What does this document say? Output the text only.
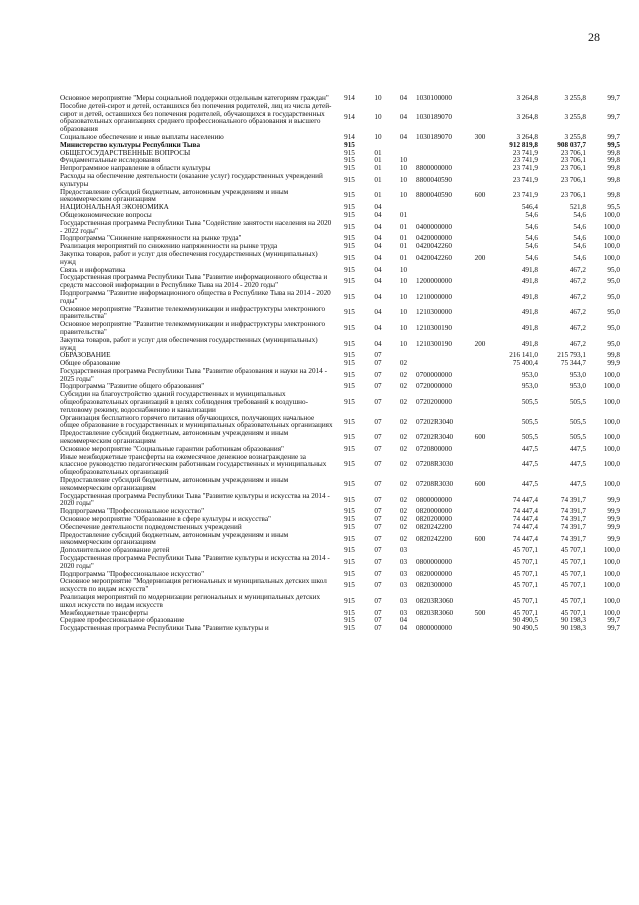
28
Основное мероприятие "Меры социальной поддержки отдельным категориям граждан"	914	10	04	1030100000		3 264,8	3 255,8	99,7
Пособие детей-сирот и детей, оставшихся без попечения родителей, лиц из числа детей-сирот и детей, оставшихся без попечения родителей, обучающихся в государственных образовательных организациях среднего профессионального образования и высшего образования	914	10	04	1030189070		3 264,8	3 255,8	99,7
Социальное обеспечение и иные выплаты населению	914	10	04	1030189070	300	3 264,8	3 255,8	99,7
Министерство культуры Республики Тыва	915					912 819,8	908 037,7	99,5
ОБЩЕГОСУДАРСТВЕННЫЕ ВОПРОСЫ	915	01				23 741,9	23 706,1	99,8
Фундаментальные исследования	915	01	10			23 741,9	23 706,1	99,8
Непрограммное направление в области культуры	915	01	10	8800000000		23 741,9	23 706,1	99,8
Расходы на обеспечение деятельности (оказание услуг) государственных учреждений культуры	915	01	10	8800040590		23 741,9	23 706,1	99,8
Предоставление субсидий бюджетным, автономным учреждениям и иным некоммерческим организациям	915	01	10	8800040590	600	23 741,9	23 706,1	99,8
НАЦИОНАЛЬНАЯ ЭКОНОМИКА	915	04				546,4	521,8	95,5
Общеэкономические вопросы	915	04	01			54,6	54,6	100,0
Государственная программа Республики Тыва "Содействие занятости населения на 2020 - 2022 годы"	915	04	01	0400000000		54,6	54,6	100,0
Подпрограмма "Снижение напряженности на рынке труда"	915	04	01	0420000000		54,6	54,6	100,0
Реализация мероприятий по снижению напряженности на рынке труда	915	04	01	0420042260		54,6	54,6	100,0
Закупка товаров, работ и услуг для обеспечения государственных (муниципальных) нужд	915	04	01	0420042260	200	54,6	54,6	100,0
Связь и информатика	915	04	10			491,8	467,2	95,0
Государственная программа Республики Тыва "Развитие информационного общества и средств массовой информации в Республике Тыва на 2014 - 2020 годы"	915	04	10	1200000000		491,8	467,2	95,0
Подпрограмма "Развитие информационного общества в Республике Тыва на 2014 - 2020 годы"	915	04	10	1210000000		491,8	467,2	95,0
Основное мероприятие "Развитие телекоммуникации и инфраструктуры электронного правительства"	915	04	10	1210300000		491,8	467,2	95,0
Основное мероприятие "Развитие телекоммуникации и инфраструктуры электронного правительства"	915	04	10	1210300190		491,8	467,2	95,0
Закупка товаров, работ и услуг для обеспечения государственных (муниципальных) нужд	915	04	10	1210300190	200	491,8	467,2	95,0
ОБРАЗОВАНИЕ	915	07				216 141,0	215 793,1	99,8
Общее образование	915	07	02			75 400,4	75 344,7	99,9
Государственная программа Республики Тыва "Развитие образования и науки на 2014 - 2025 годы"	915	07	02	0700000000		953,0	953,0	100,0
Подпрограмма "Развитие общего образования"	915	07	02	0720000000		953,0	953,0	100,0
Субсидии на благоустройство зданий государственных и муниципальных общеобразовательных организаций в целях соблюдения требований к воздушно-тепловому режиму, водоснабжению и канализации	915	07	02	0720200000		505,5	505,5	100,0
Организация бесплатного горячего питания обучающихся, получающих начальное общее образование в государственных и муниципальных образовательных организациях	915	07	02	07202R3040		505,5	505,5	100,0
Предоставление субсидий бюджетным, автономным учреждениям и иным некоммерческим организациям	915	07	02	07202R3040	600	505,5	505,5	100,0
Основное мероприятие "Социальные гарантии работникам образования"	915	07	02	0720800000		447,5	447,5	100,0
Иные межбюджетные трансферты на ежемесячное денежное вознаграждение за классное руководство педагогическим работникам государственных и муниципальных общеобразовательных организаций	915	07	02	07208R3030		447,5	447,5	100,0
Предоставление субсидий бюджетным, автономным учреждениям и иным некоммерческим организациям	915	07	02	07208R3030	600	447,5	447,5	100,0
Государственная программа Республики Тыва "Развитие культуры и искусства на 2014 - 2020 годы"	915	07	02	0800000000		74 447,4	74 391,7	99,9
Подпрограмма "Профессиональное искусство"	915	07	02	0820000000		74 447,4	74 391,7	99,9
Основное мероприятие "Образование в сфере культуры и искусства"	915	07	02	0820200000		74 447,4	74 391,7	99,9
Обеспечение деятельности подведомственных учреждений	915	07	02	0820242200		74 447,4	74 391,7	99,9
Предоставление субсидий бюджетным, автономным учреждениям и иным некоммерческим организациям	915	07	02	0820242200	600	74 447,4	74 391,7	99,9
Дополнительное образование детей	915	07	03			45 707,1	45 707,1	100,0
Государственная программа Республики Тыва "Развитие культуры и искусства на 2014 - 2020 годы"	915	07	03	0800000000		45 707,1	45 707,1	100,0
Подпрограмма "Профессиональное искусство"	915	07	03	0820000000		45 707,1	45 707,1	100,0
Основное мероприятие "Модернизация региональных и муниципальных детских школ искусств по видам искусств"	915	07	03	0820300000		45 707,1	45 707,1	100,0
Реализация мероприятий по модернизации региональных и муниципальных детских школ искусств по видам искусств	915	07	03	08203R3060		45 707,1	45 707,1	100,0
Межбюджетные трансферты	915	07	03	08203R3060	500	45 707,1	45 707,1	100,0
Среднее профессиональное образование	915	07	04			90 490,5	90 198,3	99,7
Государственная программа Республики Тыва "Развитие культуры и	915	07	04	0800000000		90 490,5	90 198,3	99,7
